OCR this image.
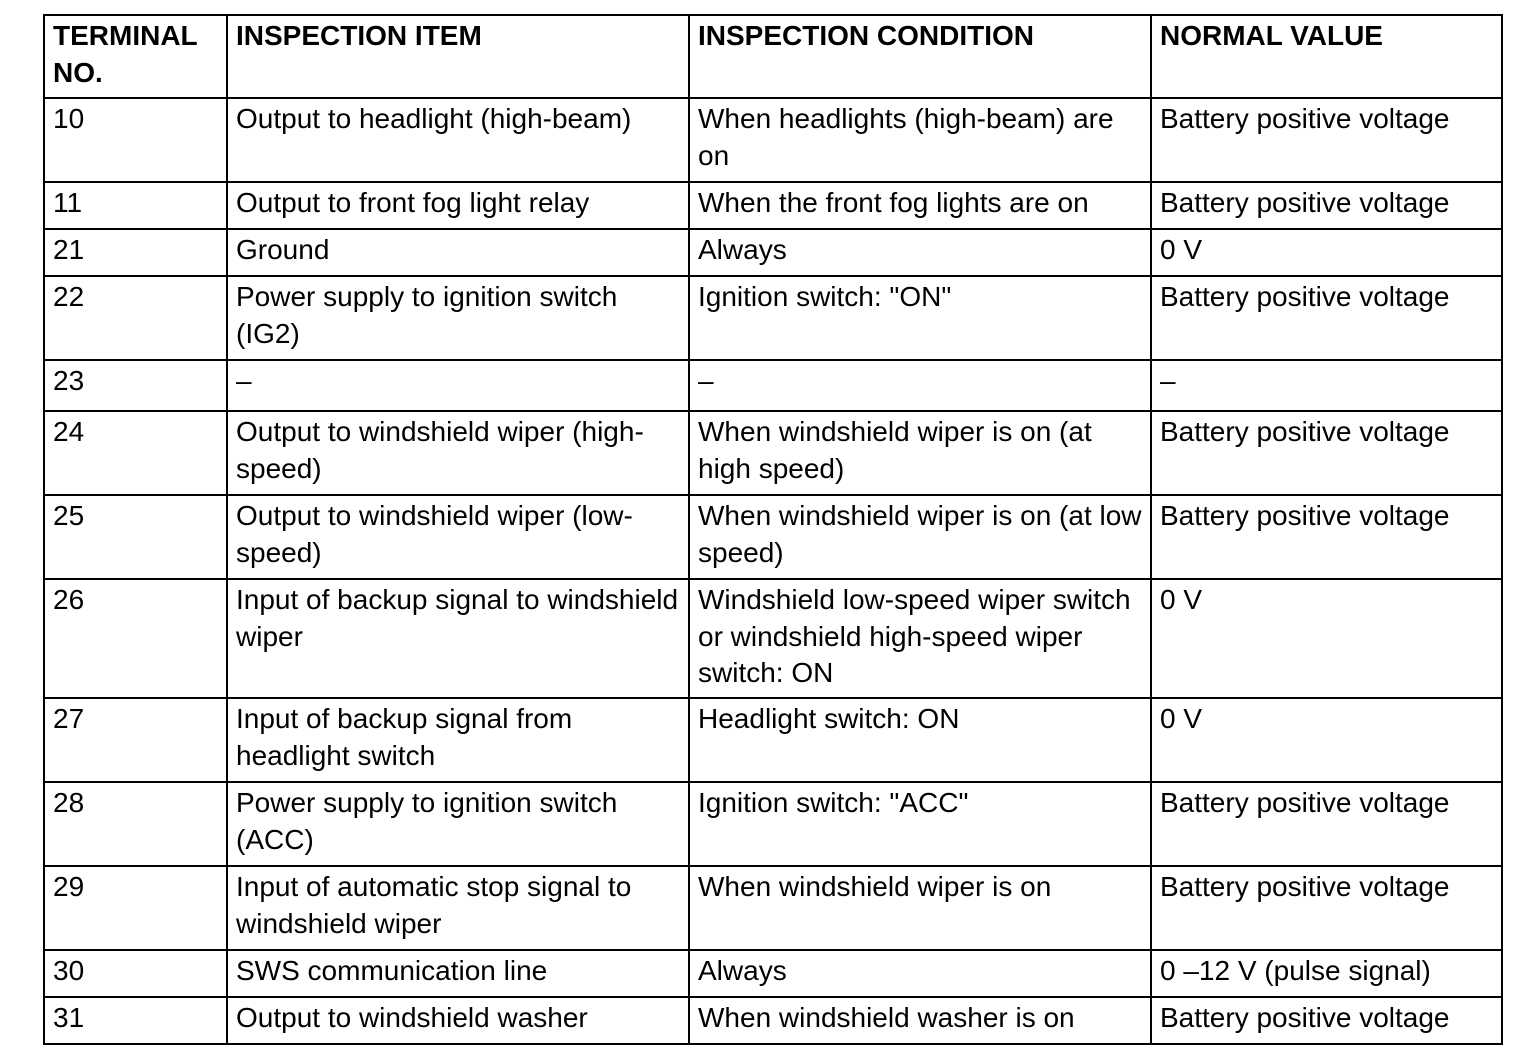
TERMINAL NO.	INSPECTION ITEM	INSPECTION CONDITION	NORMAL VALUE
10	Output to headlight (high-beam)	When headlights (high-beam) are on	Battery positive voltage
11	Output to front fog light relay	When the front fog lights are on	Battery positive voltage
21	Ground	Always	0 V
22	Power supply to ignition switch (IG2)	Ignition switch: "ON"	Battery positive voltage
23	–	–	–
24	Output to windshield wiper (high-speed)	When windshield wiper is on (at high speed)	Battery positive voltage
25	Output to windshield wiper (low-speed)	When windshield wiper is on (at low speed)	Battery positive voltage
26	Input of backup signal to windshield wiper	Windshield low-speed wiper switch or windshield high-speed wiper switch: ON	0 V
27	Input of backup signal from headlight switch	Headlight switch: ON	0 V
28	Power supply to ignition switch (ACC)	Ignition switch: "ACC"	Battery positive voltage
29	Input of automatic stop signal to windshield wiper	When windshield wiper is on	Battery positive voltage
30	SWS communication line	Always	0 –12 V (pulse signal)
31	Output to windshield washer	When windshield washer is on	Battery positive voltage
